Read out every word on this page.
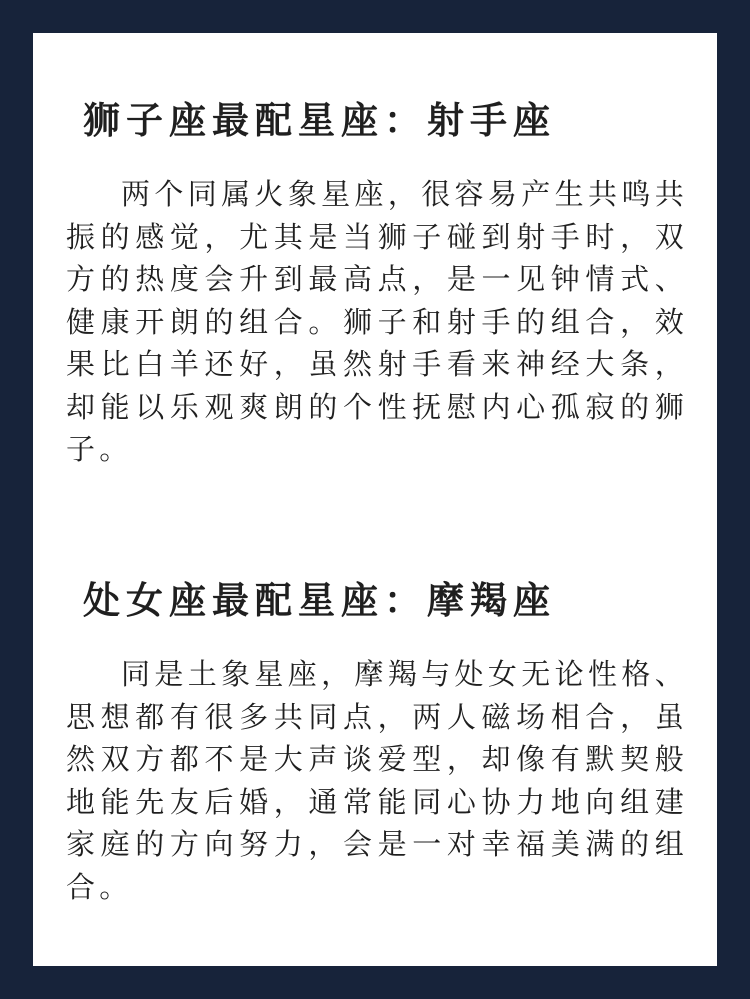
狮子座最配星座：射手座

两个同属火象星座，很容易产生共鸣共振的感觉，尤其是当狮子碰到射手时，双方的热度会升到最高点，是一见钟情式、健康开朗的组合。狮子和射手的组合，效果比白羊还好，虽然射手看来神经大条，却能以乐观爽朗的个性抚慰内心孤寂的狮子。

处女座最配星座：摩羯座

同是土象星座，摩羯与处女无论性格、思想都有很多共同点，两人磁场相合，虽然双方都不是大声谈爱型，却像有默契般地能先友后婚，通常能同心协力地向组建家庭的方向努力，会是一对幸福美满的组合。
